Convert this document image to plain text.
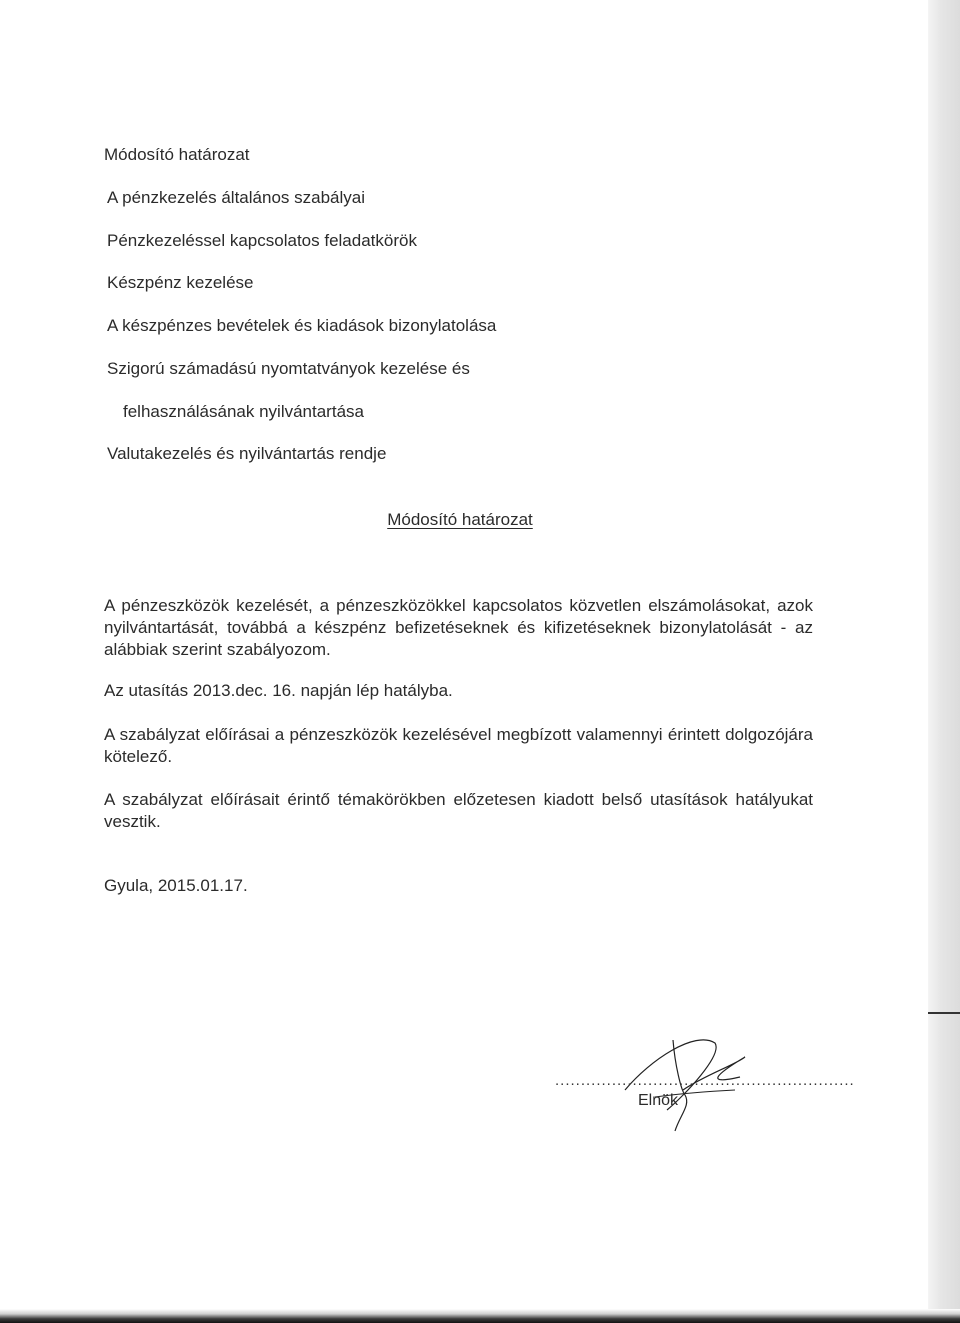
Módosító határozat
A pénzkezelés általános szabályai
Pénzkezeléssel kapcsolatos feladatkörök
Készpénz kezelése
A készpénzes bevételek és kiadások bizonylatolása
Szigorú számadású nyomtatványok kezelése és
felhasználásának nyilvántartása
Valutakezelés és nyilvántartás rendje
Módosító határozat
A pénzeszközök kezelését, a pénzeszközökkel kapcsolatos közvetlen elszámolásokat, azok nyilvántartását, továbbá a készpénz befizetéseknek és kifizetéseknek bizonylatolását - az alábbiak szerint szabályozom.
Az utasítás 2013.dec. 16. napján lép hatályba.
A szabályzat előírásai a pénzeszközök kezelésével megbízott valamennyi érintett dolgozójára kötelező.
A szabályzat előírásait érintő témakörökben előzetesen kiadott belső utasítások hatályukat vesztik.
Gyula, 2015.01.17.
..........................................................
Elnök
